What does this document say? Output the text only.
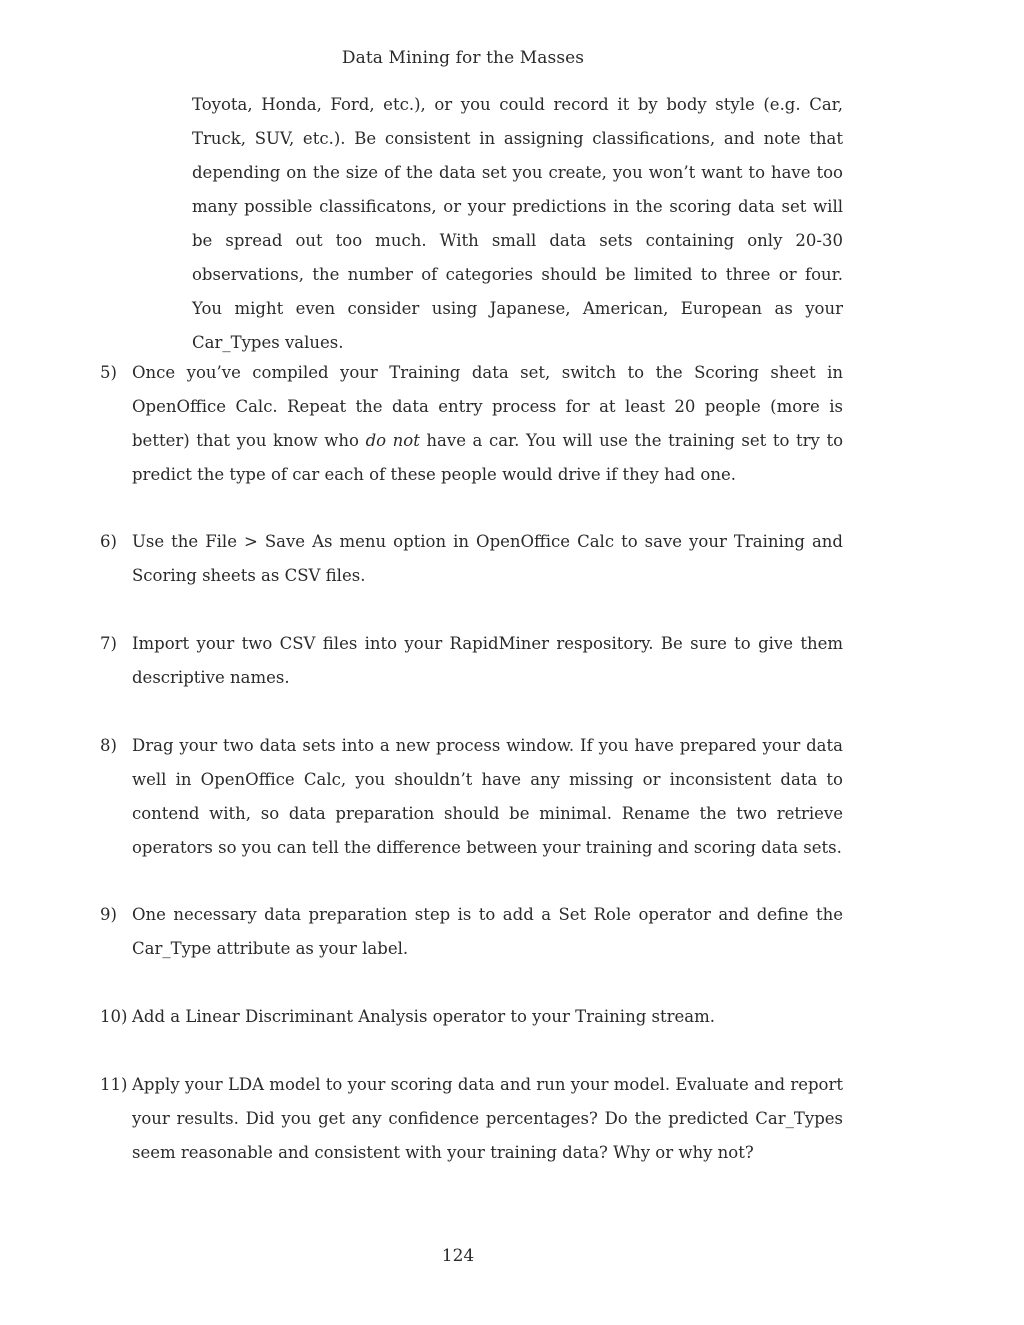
Data Mining for the Masses

Toyota, Honda, Ford, etc.), or you could record it by body style (e.g. Car, Truck, SUV, etc.). Be consistent in assigning classifications, and note that depending on the size of the data set you create, you won’t want to have too many possible classificatons, or your predictions in the scoring data set will be spread out too much. With small data sets containing only 20-30 observations, the number of categories should be limited to three or four. You might even consider using Japanese, American, European as your Car_Types values.

5) Once you’ve compiled your Training data set, switch to the Scoring sheet in OpenOffice Calc. Repeat the data entry process for at least 20 people (more is better) that you know who do not have a car. You will use the training set to try to predict the type of car each of these people would drive if they had one.
6) Use the File > Save As menu option in OpenOffice Calc to save your Training and Scoring sheets as CSV files.
7) Import your two CSV files into your RapidMiner respository. Be sure to give them descriptive names.
8) Drag your two data sets into a new process window. If you have prepared your data well in OpenOffice Calc, you shouldn’t have any missing or inconsistent data to contend with, so data preparation should be minimal. Rename the two retrieve operators so you can tell the difference between your training and scoring data sets.
9) One necessary data preparation step is to add a Set Role operator and define the Car_Type attribute as your label.
10) Add a Linear Discriminant Analysis operator to your Training stream.
11) Apply your LDA model to your scoring data and run your model. Evaluate and report your results. Did you get any confidence percentages? Do the predicted Car_Types seem reasonable and consistent with your training data? Why or why not?
124
